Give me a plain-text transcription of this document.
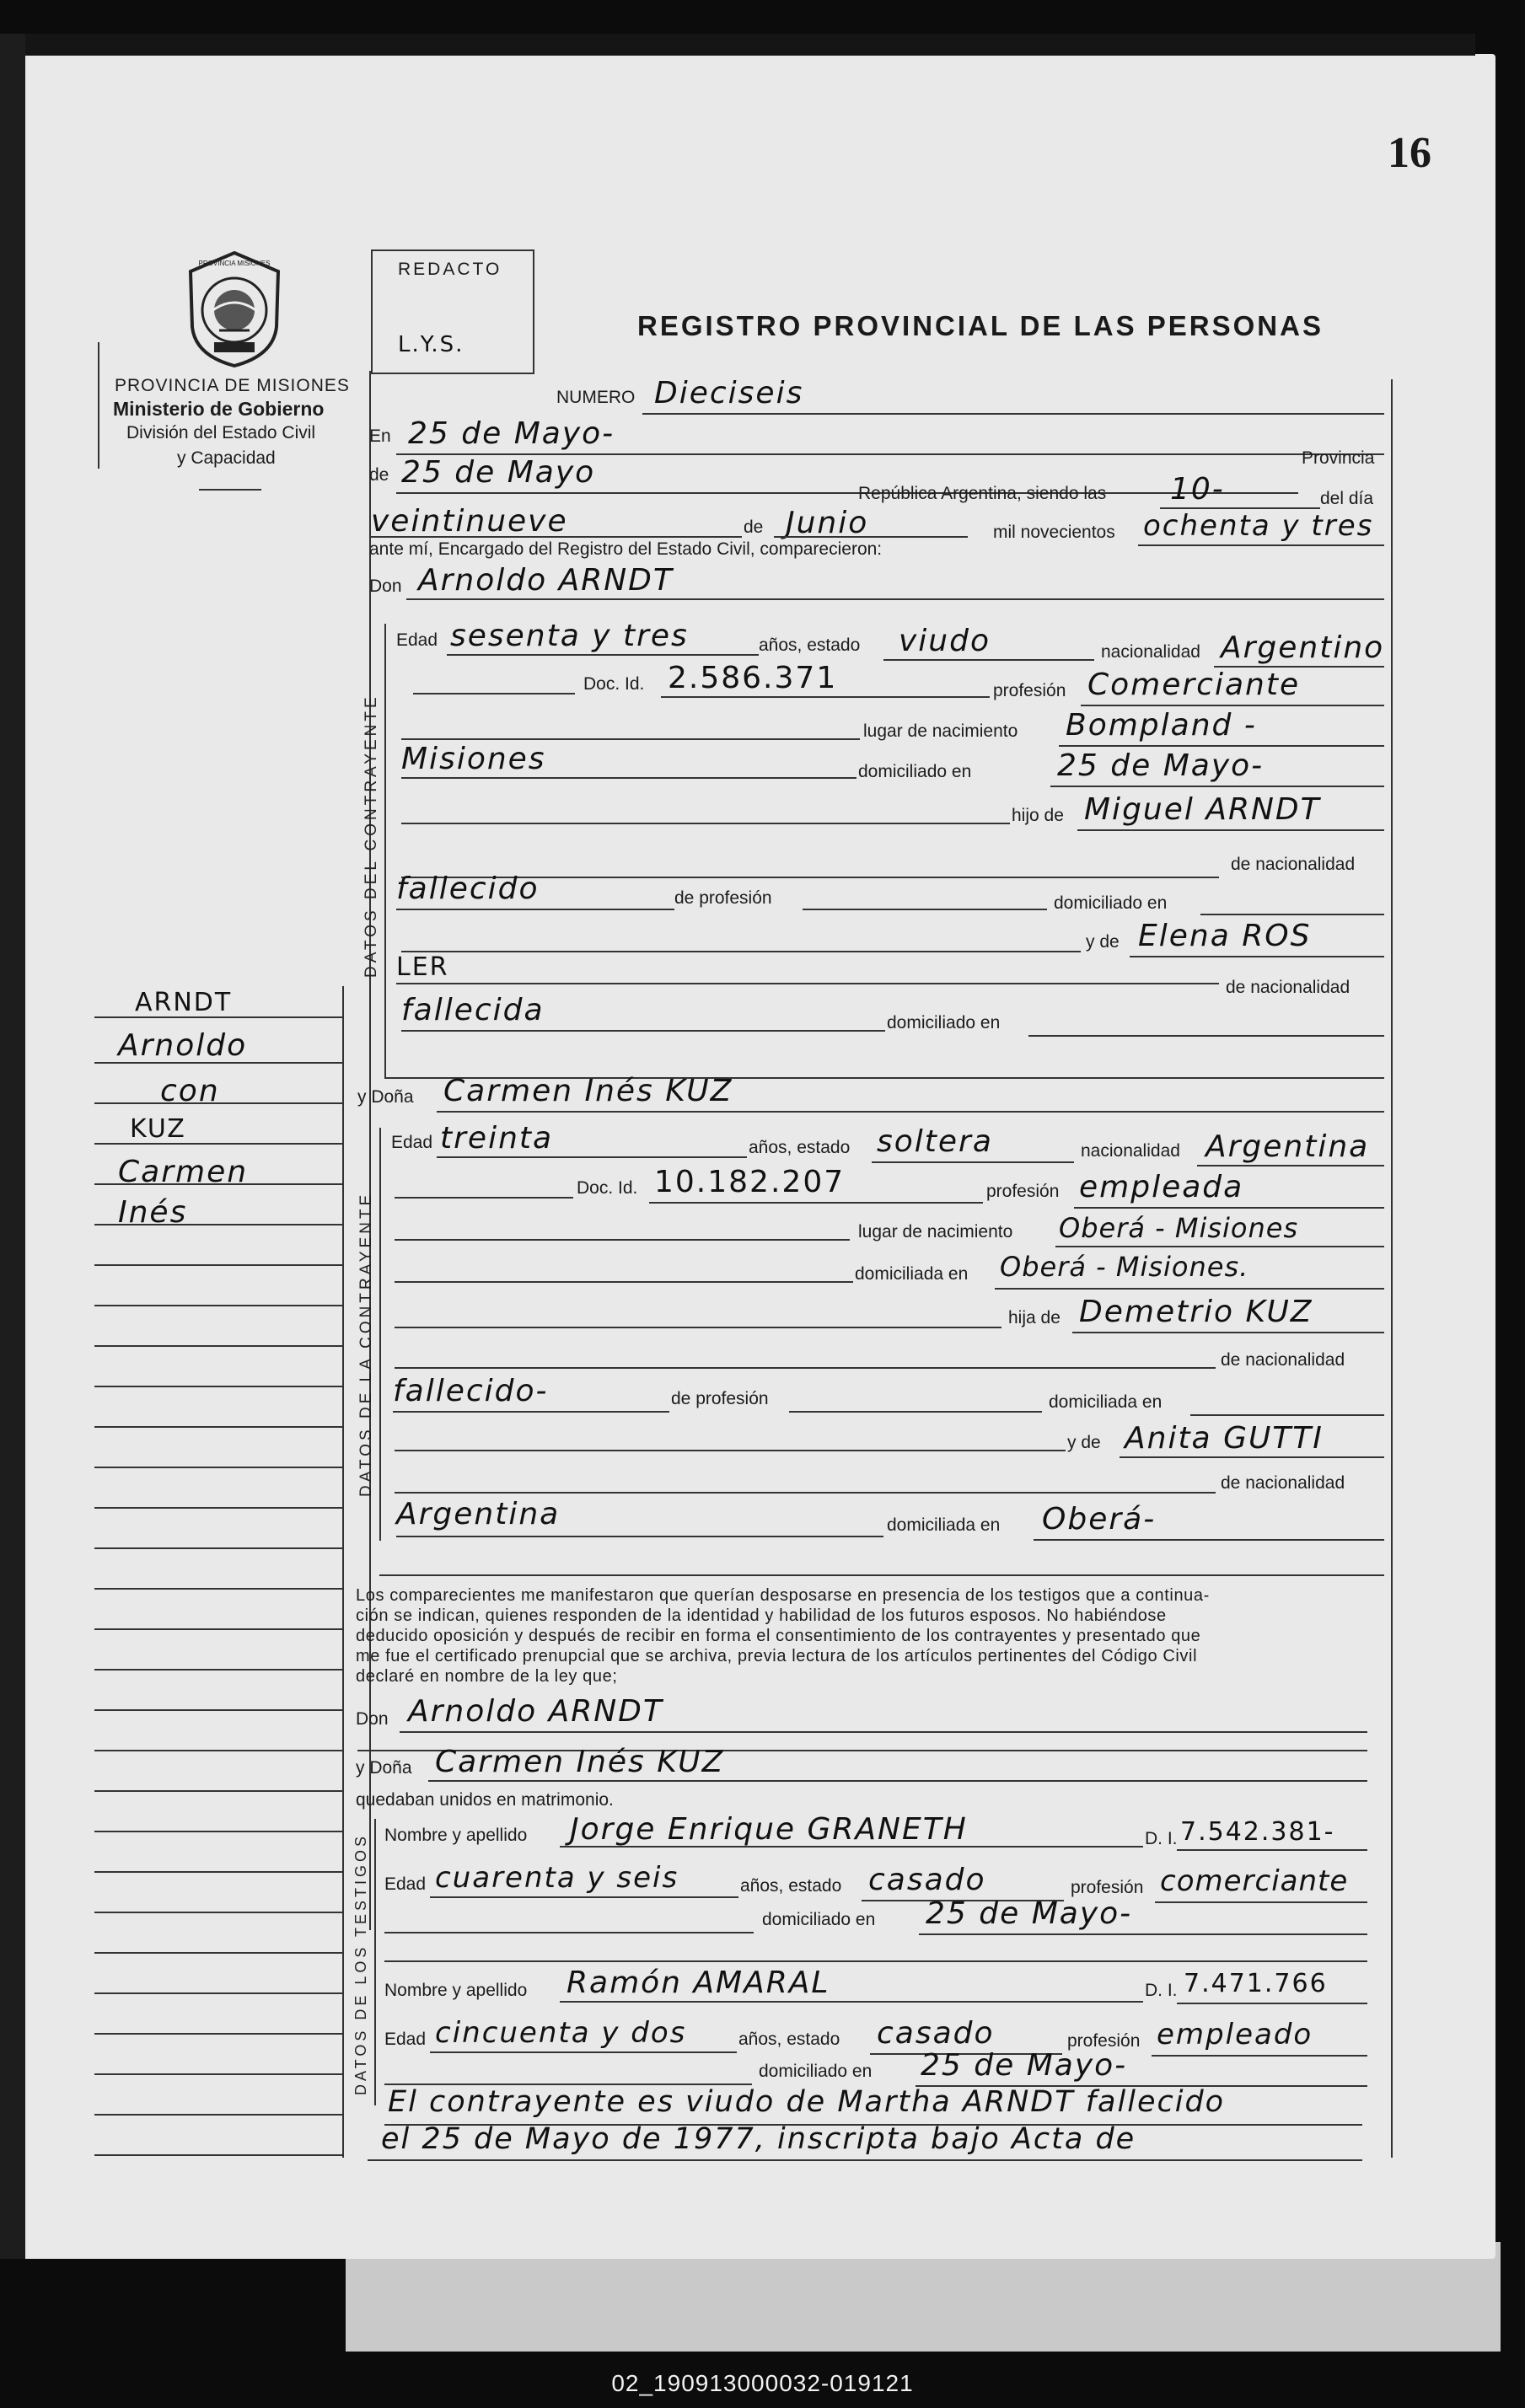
16
PROVINCIA MISIONES
PROVINCIA DE MISIONES
Ministerio de Gobierno
División del Estado Civil
y Capacidad
REDACTO
L.Y.S.
REGISTRO PROVINCIAL DE LAS PERSONAS
NUMERO Dieciseis
En 25 de Mayo-
de 25 de Mayo	Provincia
República Argentina, siendo las 10-	del día
veintinueve	de Junio	mil novecientos ochenta y tres
ante mí, Encargado del Registro del Estado Civil, comparecieron:
Don Arnoldo ARNDT
DATOS DEL CONTRAYENTE
Edad sesenta y tres	años, estado viudo	nacionalidad Argentino
Doc. Id. 2.586.371	profesión Comerciante
lugar de nacimiento Bompland -
Misiones	domiciliado en	25 de Mayo-
hijo de Miguel ARNDT
de nacionalidad
fallecido	de profesión	domiciliado en
y de Elena ROS
LER
de nacionalidad
fallecida	domiciliado en
ARNDT
Arnoldo
con
KUZ
Carmen
Inés
y Doña Carmen Inés KUZ
DATOS DE LA CONTRAYENTE
Edad treinta	años, estado soltera	nacionalidad Argentina
Doc. Id. 10.182.207	profesión empleada
lugar de nacimiento Oberá - Misiones
domiciliada en Oberá - Misiones.
hija de Demetrio KUZ
de nacionalidad
fallecido-	de profesión	domiciliada en
y de Anita GUTTI
de nacionalidad
Argentina	domiciliada en Oberá-
Los comparecientes me manifestaron que querían desposarse en presencia de los testigos que a continua-
ción se indican, quienes responden de la identidad y habilidad de los futuros esposos. No habiéndose
deducido oposición y después de recibir en forma el consentimiento de los contrayentes y presentado que
me fue el certificado prenupcial que se archiva, previa lectura de los artículos pertinentes del Código Civil
declaré en nombre de la ley que;
Don Arnoldo ARNDT
y Doña Carmen Inés KUZ
quedaban unidos en matrimonio.
DATOS DE LOS TESTIGOS Nombre y apellido Jorge Enrique GRANETH	D. I. 7.542.381-
Edad cuarenta y seis	años, estado casado	profesión comerciante
domiciliado en 25 de Mayo-
Nombre y apellido Ramón AMARAL	D. I. 7.471.766
Edad cincuenta y dos	años, estado casado	profesión empleado
domiciliado en 25 de Mayo-
El contrayente es viudo de Martha ARNDT fallecido
el 25 de Mayo de 1977, inscripta bajo Acta de
02_190913000032-019121
